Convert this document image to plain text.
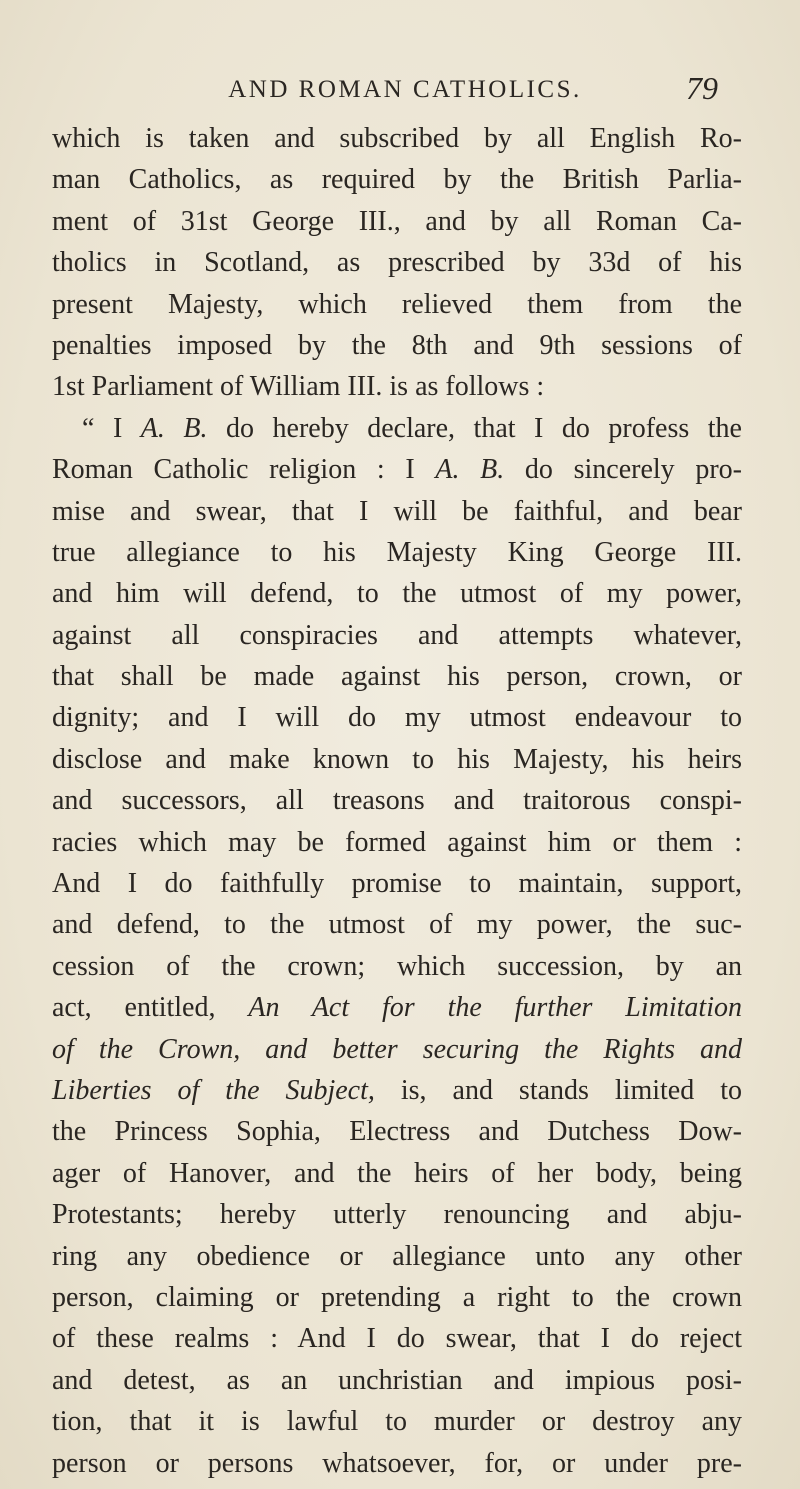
AND ROMAN CATHOLICS.	79
which is taken and subscribed by all English Ro-
man Catholics, as required by the British Parlia-
ment of 31st George III., and by all Roman Ca-
tholics in Scotland, as prescribed by 33d of his
present Majesty, which relieved them from the
penalties imposed by the 8th and 9th sessions of
1st Parliament of William III. is as follows :
“ I A. B. do hereby declare, that I do profess the
Roman Catholic religion : I A. B. do sincerely pro-
mise and swear, that I will be faithful, and bear
true allegiance to his Majesty King George III.
and him will defend, to the utmost of my power,
against all conspiracies and attempts whatever,
that shall be made against his person, crown, or
dignity; and I will do my utmost endeavour to
disclose and make known to his Majesty, his heirs
and successors, all treasons and traitorous conspi-
racies which may be formed against him or them :
And I do faithfully promise to maintain, support,
and defend, to the utmost of my power, the suc-
cession of the crown; which succession, by an
act, entitled, An Act for the further Limitation
of the Crown, and better securing the Rights and
Liberties of the Subject, is, and stands limited to
the Princess Sophia, Electress and Dutchess Dow-
ager of Hanover, and the heirs of her body, being
Protestants; hereby utterly renouncing and abju-
ring any obedience or allegiance unto any other
person, claiming or pretending a right to the crown
of these realms : And I do swear, that I do reject
and detest, as an unchristian and impious posi-
tion, that it is lawful to murder or destroy any
person or persons whatsoever, for, or under pre-
